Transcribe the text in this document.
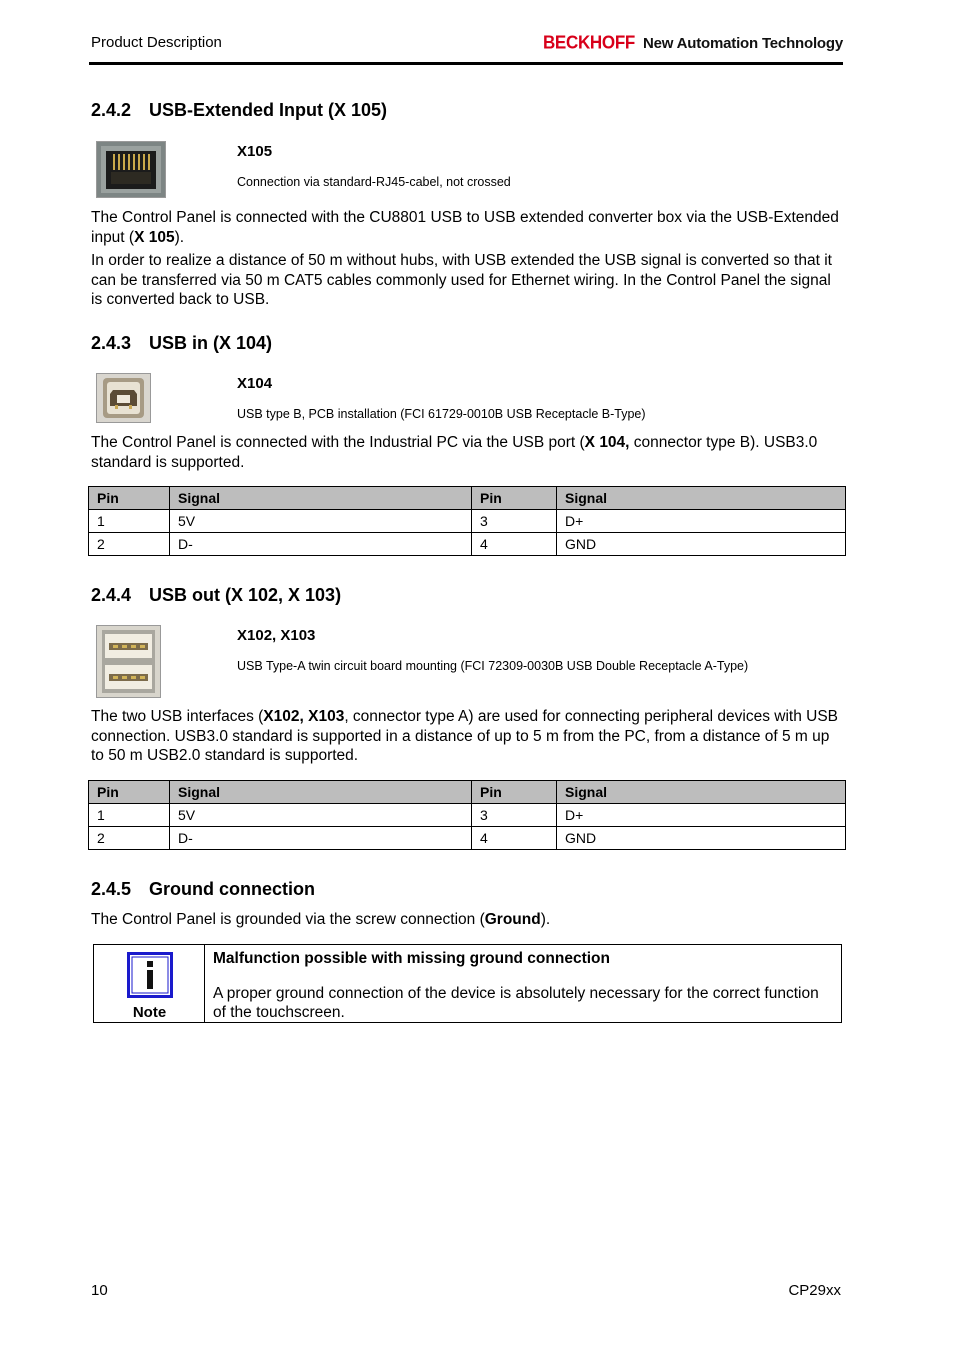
Product Description	BECKHOFF New Automation Technology
2.4.2 USB-Extended Input (X 105)
X105
Connection via standard-RJ45-cabel, not crossed

The Control Panel is connected with the CU8801 USB to USB extended converter box via the USB-Extended input (X 105).

In order to realize a distance of 50 m without hubs, with USB extended the USB signal is converted so that it can be transferred via 50 m CAT5 cables commonly used for Ethernet wiring. In the Control Panel the signal is converted back to USB.

2.4.3 USB in (X 104)
X104
USB type B, PCB installation (FCI 61729-0010B USB Receptacle B-Type)

The Control Panel is connected with the Industrial PC via the USB port (X 104, connector type B). USB3.0 standard is supported.

Pin	Signal	Pin	Signal
1	5V	3	D+
2	D-	4	GND
2.4.4 USB out (X 102, X 103)
X102, X103
USB Type-A twin circuit board mounting (FCI 72309-0030B USB Double Receptacle A-Type)

The two USB interfaces (X102, X103, connector type A) are used for connecting peripheral devices with USB connection. USB3.0 standard is supported in a distance of up to 5 m from the PC, from a distance of 5 m up to 50 m USB2.0 standard is supported.

Pin	Signal	Pin	Signal
1	5V	3	D+
2	D-	4	GND
2.4.5 Ground connection

The Control Panel is grounded via the screw connection (Ground).

Note
Malfunction possible with missing ground connection
A proper ground connection of the device is absolutely necessary for the correct function of the touchscreen.
10	CP29xx
